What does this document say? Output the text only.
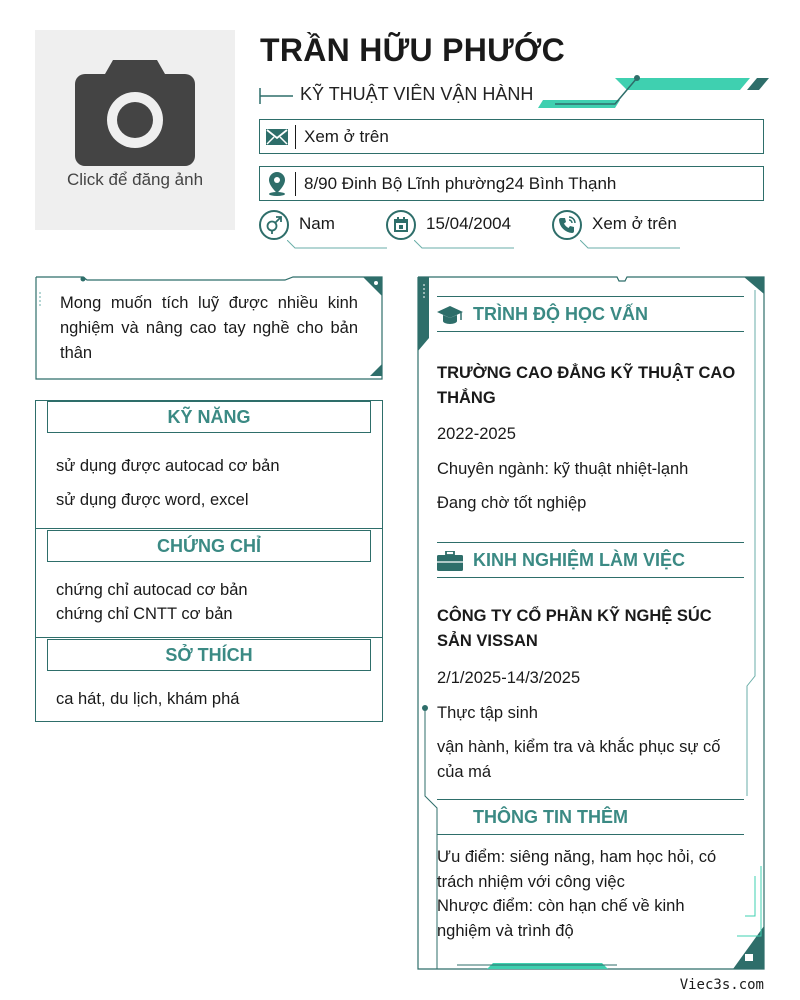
Click để đăng ảnh
TRẦN HỮU PHƯỚC
KỸ THUẬT VIÊN VẬN HÀNH
Xem ở trên
8/90 Đinh Bộ Lĩnh phường24 Bình Thạnh
Nam	15/04/2004	Xem ở trên
Mong muốn tích luỹ được nhiều kinh nghiệm và nâng cao tay nghề cho bản thân
KỸ NĂNG
sử dụng được autocad cơ bản
sử dụng được word, excel
CHỨNG CHỈ
chứng chỉ autocad cơ bản
chứng chỉ CNTT cơ bản
SỞ THÍCH
ca hát, du lịch, khám phá
TRÌNH ĐỘ HỌC VẤN
TRƯỜNG CAO ĐẲNG KỸ THUẬT CAO THẮNG
2022-2025
Chuyên ngành: kỹ thuật nhiệt-lạnh
Đang chờ tốt nghiệp
KINH NGHIỆM LÀM VIỆC
CÔNG TY CỔ PHẦN KỸ NGHỆ SÚC SẢN VISSAN
2/1/2025-14/3/2025
Thực tập sinh
vận hành, kiểm tra và khắc phục sự cố của má
THÔNG TIN THÊM
Ưu điểm: siêng năng, ham học hỏi, có trách nhiệm với công việc
Nhược điểm: còn hạn chế về kinh nghiệm và trình độ
Viec3s.com
